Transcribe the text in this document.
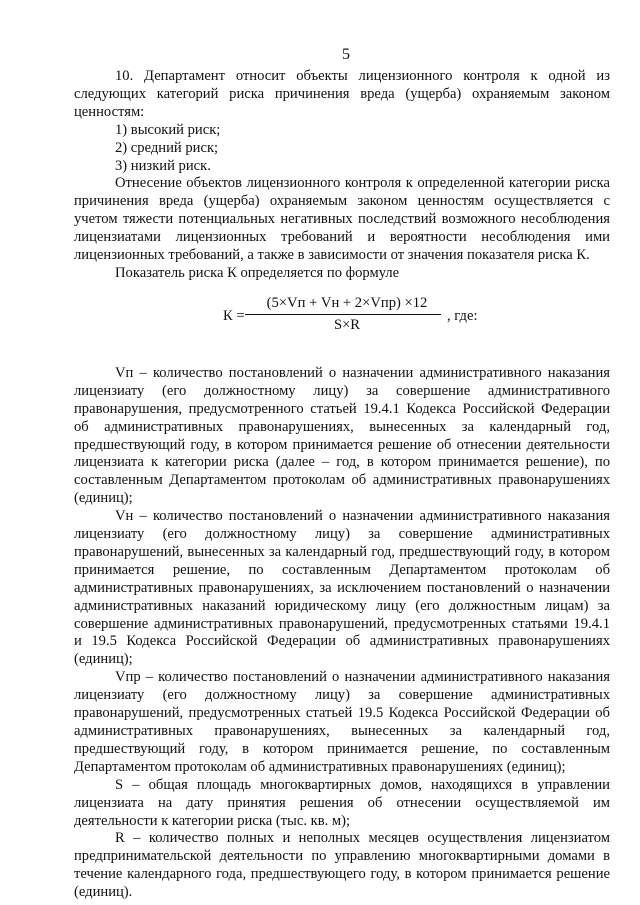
5

10. Департамент относит объекты лицензионного контроля к одной из следующих категорий риска причинения вреда (ущерба) охраняемым законом ценностям:

1) высокий риск;

2) средний риск;

3) низкий риск.

Отнесение объектов лицензионного контроля к определенной категории риска причинения вреда (ущерба) охраняемым законом ценностям осуществляется с учетом тяжести потенциальных негативных последствий возможного несоблюдения лицензиатами лицензионных требований и вероятности несоблюдения ими лицензионных требований, а также в зависимости от значения показателя риска К.

Показатель риска К определяется по формуле

К =
(5×Vп + Vн + 2×Vпр) ×12
S×R
, где:

Vп – количество постановлений о назначении административного наказания лицензиату (его должностному лицу) за совершение административного правонарушения, предусмотренного статьей 19.4.1 Кодекса Российской Федерации об административных правонарушениях, вынесенных за календарный год, предшествующий году, в котором принимается решение об отнесении деятельности лицензиата к категории риска (далее – год, в котором принимается решение), по составленным Департаментом протоколам об административных правонарушениях (единиц);

Vн – количество постановлений о назначении административного наказания лицензиату (его должностному лицу) за совершение административных правонарушений, вынесенных за календарный год, предшествующий году, в котором принимается решение, по составленным Департаментом протоколам об административных правонарушениях, за исключением постановлений о назначении административных наказаний юридическому лицу (его должностным лицам) за совершение административных правонарушений, предусмотренных статьями 19.4.1 и 19.5 Кодекса Российской Федерации об административных правонарушениях (единиц);

Vпр – количество постановлений о назначении административного наказания лицензиату (его должностному лицу) за совершение административных правонарушений, предусмотренных статьей 19.5 Кодекса Российской Федерации об административных правонарушениях, вынесенных за календарный год, предшествующий году, в котором принимается решение, по составленным Департаментом протоколам об административных правонарушениях (единиц);

S – общая площадь многоквартирных домов, находящихся в управлении лицензиата на дату принятия решения об отнесении осуществляемой им деятельности к категории риска (тыс. кв. м);

R – количество полных и неполных месяцев осуществления лицензиатом предпринимательской деятельности по управлению многоквартирными домами в течение календарного года, предшествующего году, в котором принимается решение (единиц).
